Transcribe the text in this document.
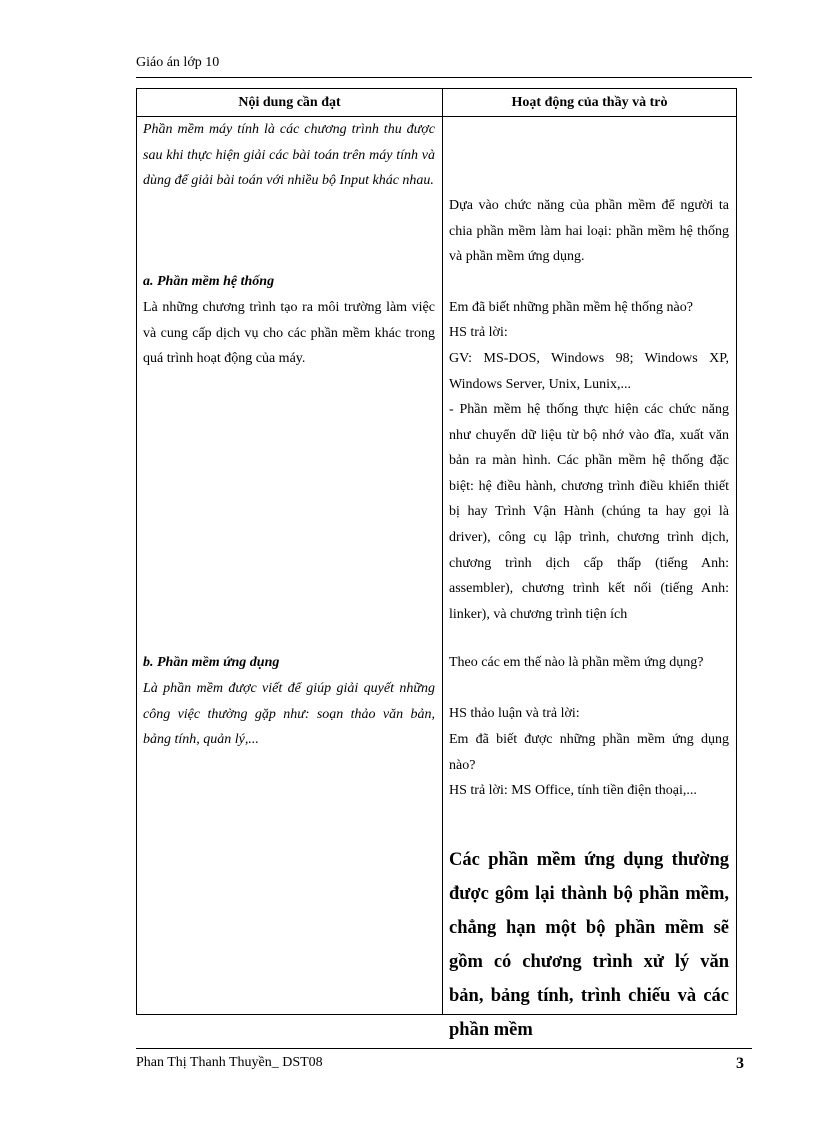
Giáo án lớp 10
Nội dung cần đạt	Hoạt động của thầy và trò
Phần mềm máy tính là các chương trình thu được sau khi thực hiện giải các bài toán trên máy tính và dùng để giải bài toán với nhiều bộ Input khác nhau.
a. Phần mềm hệ thống
Là những chương trình tạo ra môi trường làm việc và cung cấp dịch vụ cho các phần mềm khác trong quá trình hoạt động của máy.
b. Phần mềm ứng dụng
Là phần mềm được viết để giúp giải quyết những công việc thường gặp như: soạn thảo văn bản, bảng tính, quản lý,...
Dựa vào chức năng của phần mềm để người ta chia phần mềm làm hai loại: phần mềm hệ thống và phần mềm ứng dụng.
Em đã biết những phần mềm hệ thống nào?
HS trả lời:
GV: MS-DOS, Windows 98; Windows XP, Windows Server, Unix, Lunix,...
- Phần mềm hệ thống thực hiện các chức năng như chuyển dữ liệu từ bộ nhớ vào đĩa, xuất văn bản ra màn hình. Các phần mềm hệ thống đặc biệt: hệ điều hành, chương trình điều khiển thiết bị hay Trình Vận Hành (chúng ta hay gọi là driver), công cụ lập trình, chương trình dịch, chương trình dịch cấp thấp (tiếng Anh: assembler), chương trình kết nối (tiếng Anh: linker), và chương trình tiện ích
Theo các em thế nào là phần mềm ứng dụng?
HS thảo luận và trả lời:
Em đã biết được những phần mềm ứng dụng nào?
HS trả lời: MS Office, tính tiền điện thoại,...
Các phần mềm ứng dụng thường được gôm lại thành bộ phần mềm, chẳng hạn một bộ phần mềm sẽ gồm có chương trình xử lý văn bản, bảng tính, trình chiếu và các phần mềm
Phan Thị Thanh Thuyền_ DST08	3
